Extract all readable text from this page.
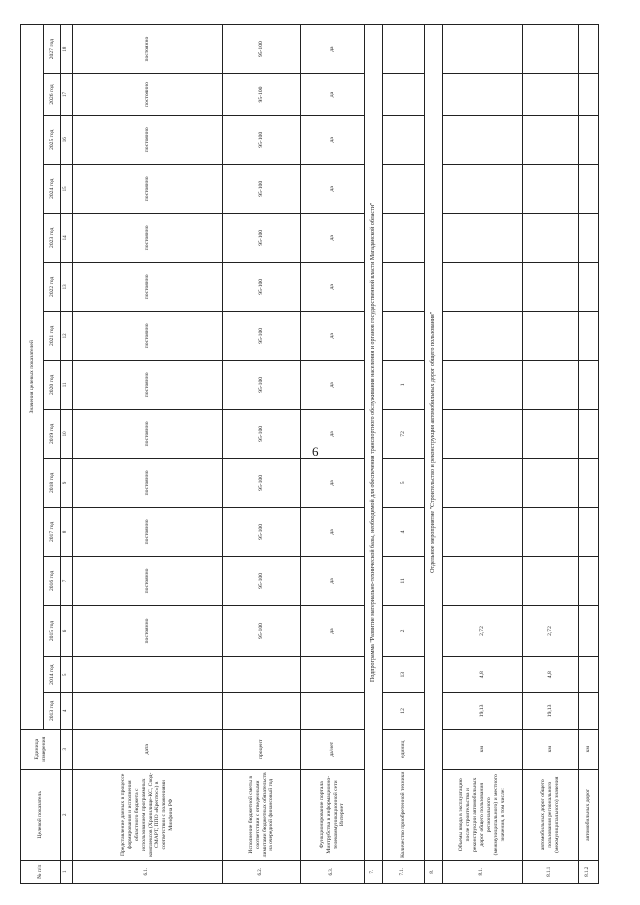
6
№ п/п	Целевой показатель	Единица измерения	Значения целевых показателей														
			2013 год	2014 год	2015 год	2016 год	2017 год	2018 год	2019 год	2020 год	2021 год	2022 год	2023 год	2024 год	2025 год	2026 год	2027 год
1	2	3	4	5	6	7	8	9	10	11	12	13	14	15	16	17	18
6.1.	Представление данных в процессе формирования и исполнения областного бюджета с использованием программных комплексов (Хранилище-КС, Свод-СМАРТ, ППО «Крептос») в соответствии с положениями Минфина РФ	дата			постоянно	постоянно	постоянно	постоянно	постоянно	постоянно	постоянно	постоянно	постоянно	постоянно	постоянно	постоянно	постоянно
6.2.	Исполнение бюджетной сметы в соответствии с отведенными лимитами бюджетных обязательств на очередной финансовый год	процент			95-100	95-100	95-100	95-100	95-100	95-100	95-100	95-100	95-100	95-100	95-100	95-100	95-100
6.3.	Функционирование портала Минтрубства в информационно-телекоммуникационной сети Интернет	да/нет			да	да	да	да	да	да	да	да	да	да	да	да	да
7.	Подпрограмма "Развитие материально-технической базы, необходимой для обеспечения транспортного обслуживания населения и органов государственной власти Магаданской области"																
7.1.	Количество приобретенной техники	единиц	12	13	2	11	4	5	72	1							
8.	Отдельное мероприятие "Строительство и реконструкция автомобильных дорог общего пользования"																
8.1.	Объемы ввода в эксплуатацию после строительства и реконструкции автомобильных дорог общего пользования регионального (межмуниципального) и местного значения, в том числе:	км	19,13	4,8	2,72												
8.1.1	автомобильных дорог общего пользования регионального (межмуниципального) значения	км	19,13	4,8	2,72												
8.1.2	автомобильных дорог	км															
